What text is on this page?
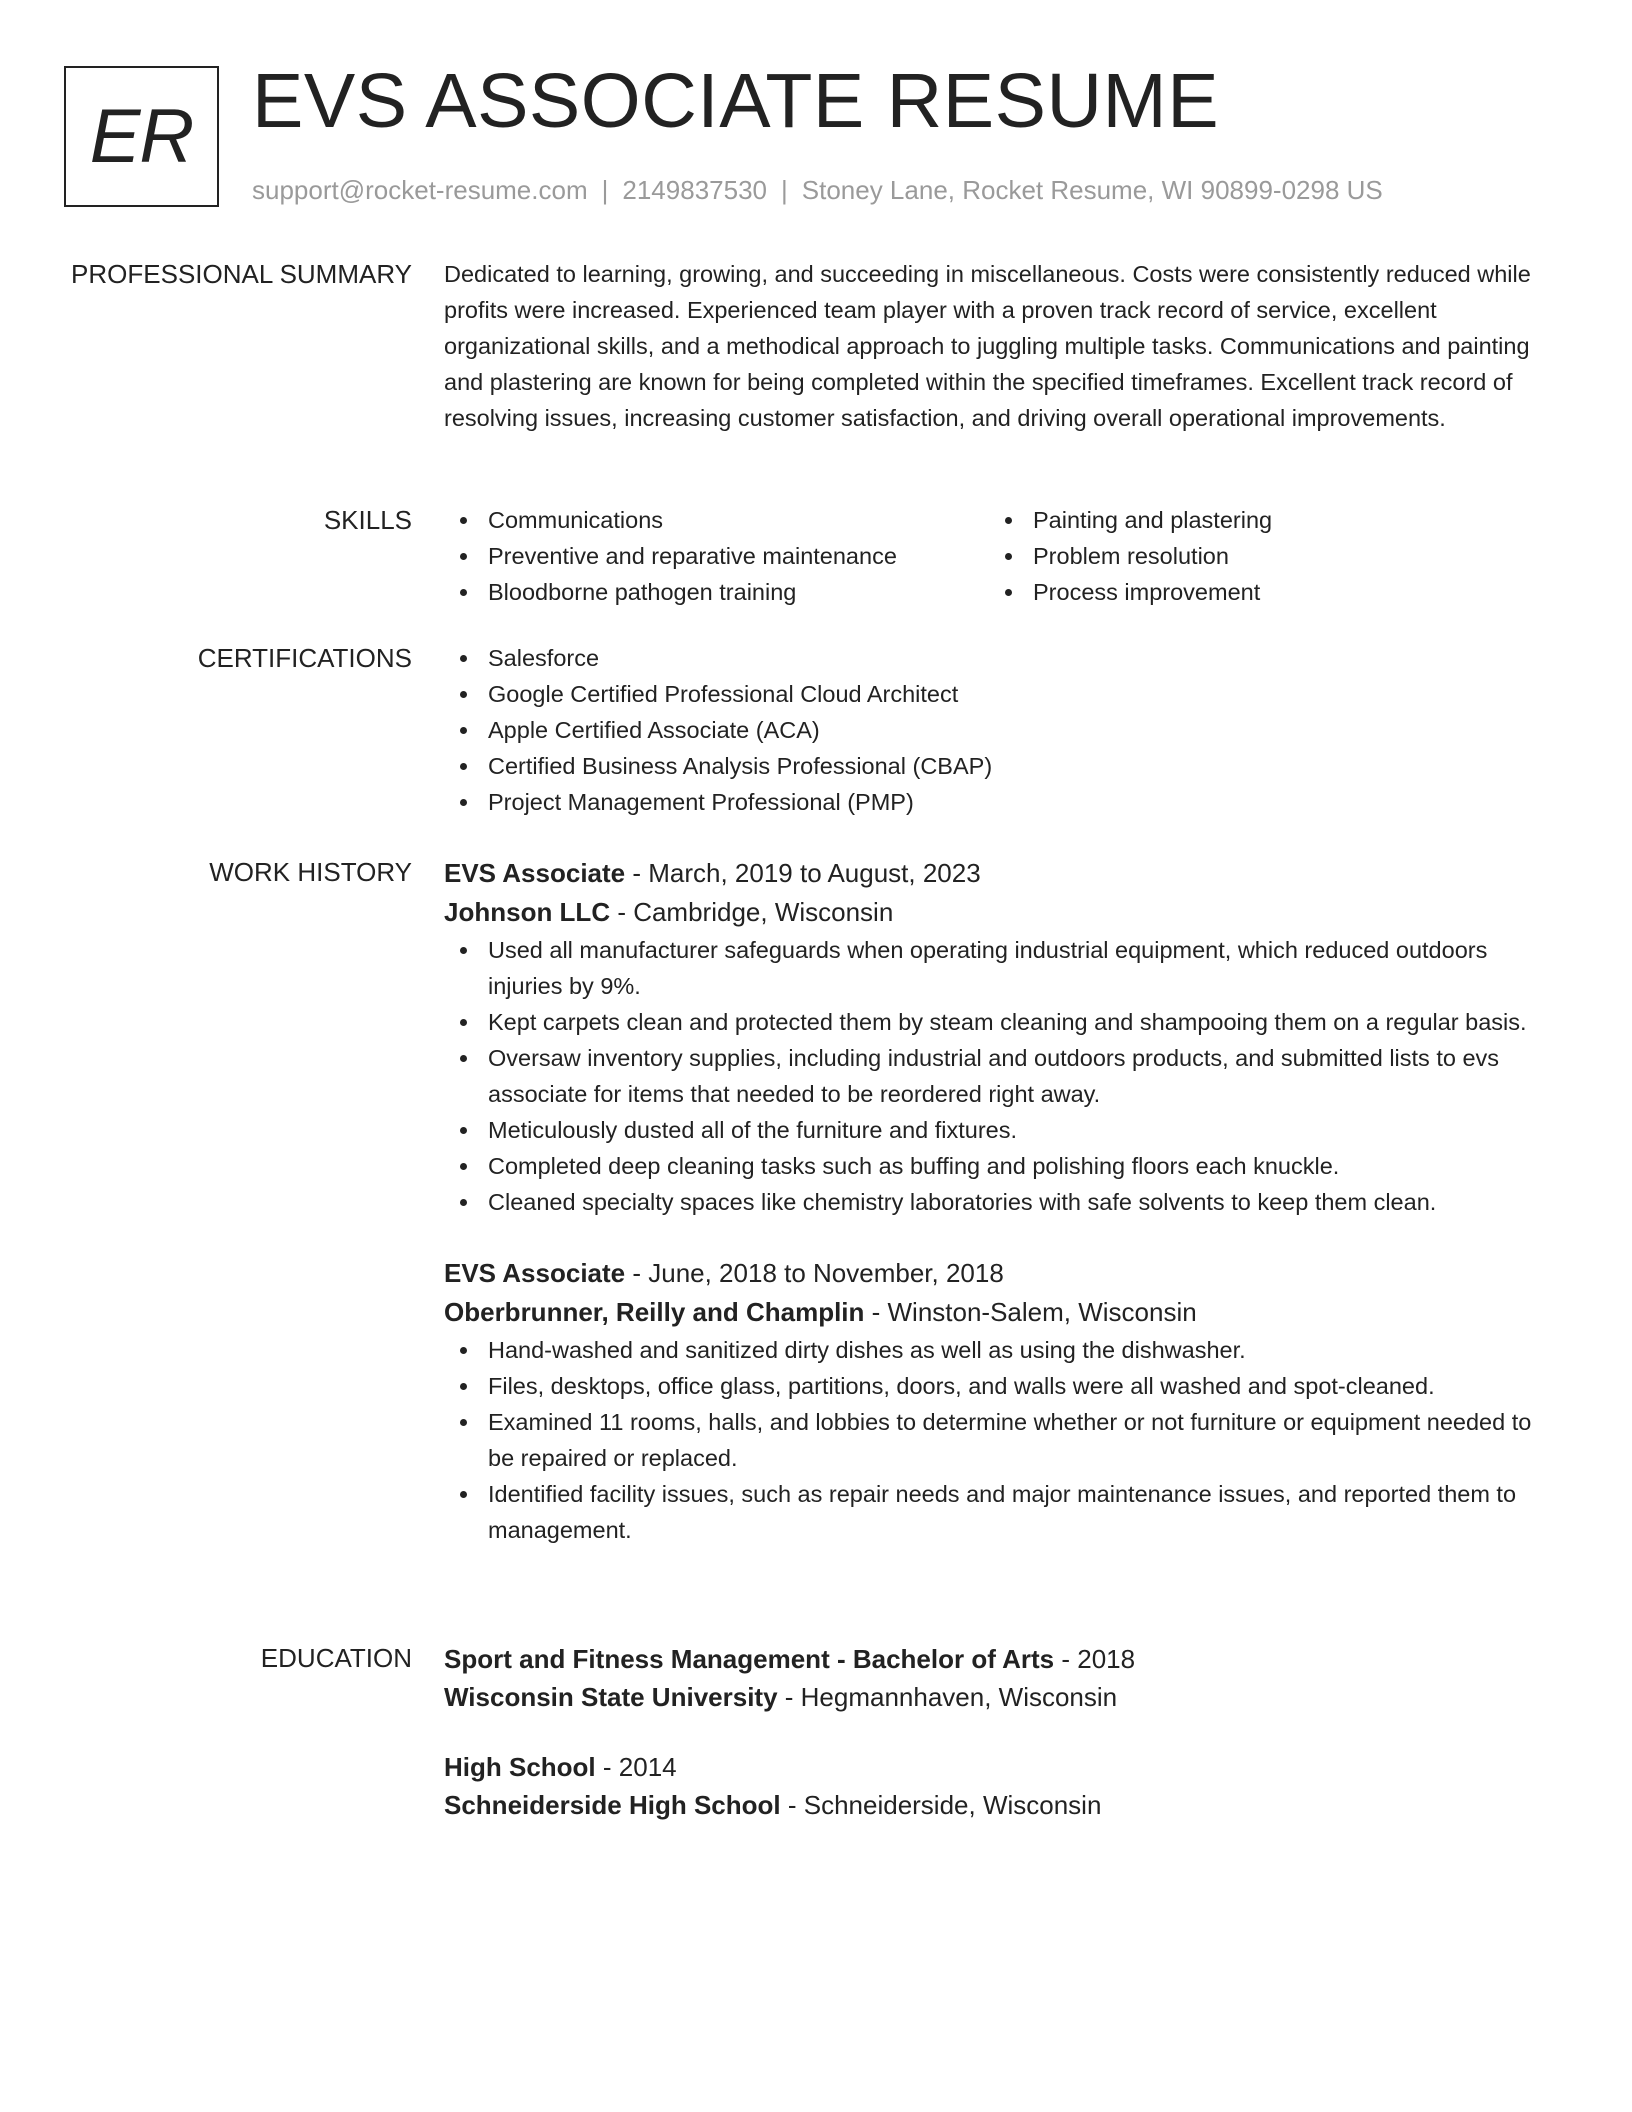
ER EVS ASSOCIATE RESUME
support@rocket-resume.com | 2149837530 | Stoney Lane, Rocket Resume, WI 90899-0298 US
PROFESSIONAL SUMMARY Dedicated to learning, growing, and succeeding in miscellaneous. Costs were consistently reduced while profits were increased. Experienced team player with a proven track record of service, excellent organizational skills, and a methodical approach to juggling multiple tasks. Communications and painting and plastering are known for being completed within the specified timeframes. Excellent track record of resolving issues, increasing customer satisfaction, and driving overall operational improvements.

SKILLS	Communications
Preventive and reparative maintenance
Bloodborne pathogen training
Painting and plastering
Problem resolution
Process improvement
CERTIFICATIONS	Salesforce
Google Certified Professional Cloud Architect
Apple Certified Associate (ACA)
Certified Business Analysis Professional (CBAP)
Project Management Professional (PMP)
WORK HISTORY EVS Associate - March, 2019 to August, 2023
Johnson LLC - Cambridge, Wisconsin
Used all manufacturer safeguards when operating industrial equipment, which reduced outdoors injuries by 9%.
Kept carpets clean and protected them by steam cleaning and shampooing them on a regular basis.
Oversaw inventory supplies, including industrial and outdoors products, and submitted lists to evs associate for items that needed to be reordered right away.
Meticulously dusted all of the furniture and fixtures.
Completed deep cleaning tasks such as buffing and polishing floors each knuckle.
Cleaned specialty spaces like chemistry laboratories with safe solvents to keep them clean.
EVS Associate - June, 2018 to November, 2018
Oberbrunner, Reilly and Champlin - Winston-Salem, Wisconsin
Hand-washed and sanitized dirty dishes as well as using the dishwasher.
Files, desktops, office glass, partitions, doors, and walls were all washed and spot-cleaned.
Examined 11 rooms, halls, and lobbies to determine whether or not furniture or equipment needed to be repaired or replaced.
Identified facility issues, such as repair needs and major maintenance issues, and reported them to management.
EDUCATION Sport and Fitness Management - Bachelor of Arts - 2018
Wisconsin State University - Hegmannhaven, Wisconsin
High School - 2014
Schneiderside High School - Schneiderside, Wisconsin
